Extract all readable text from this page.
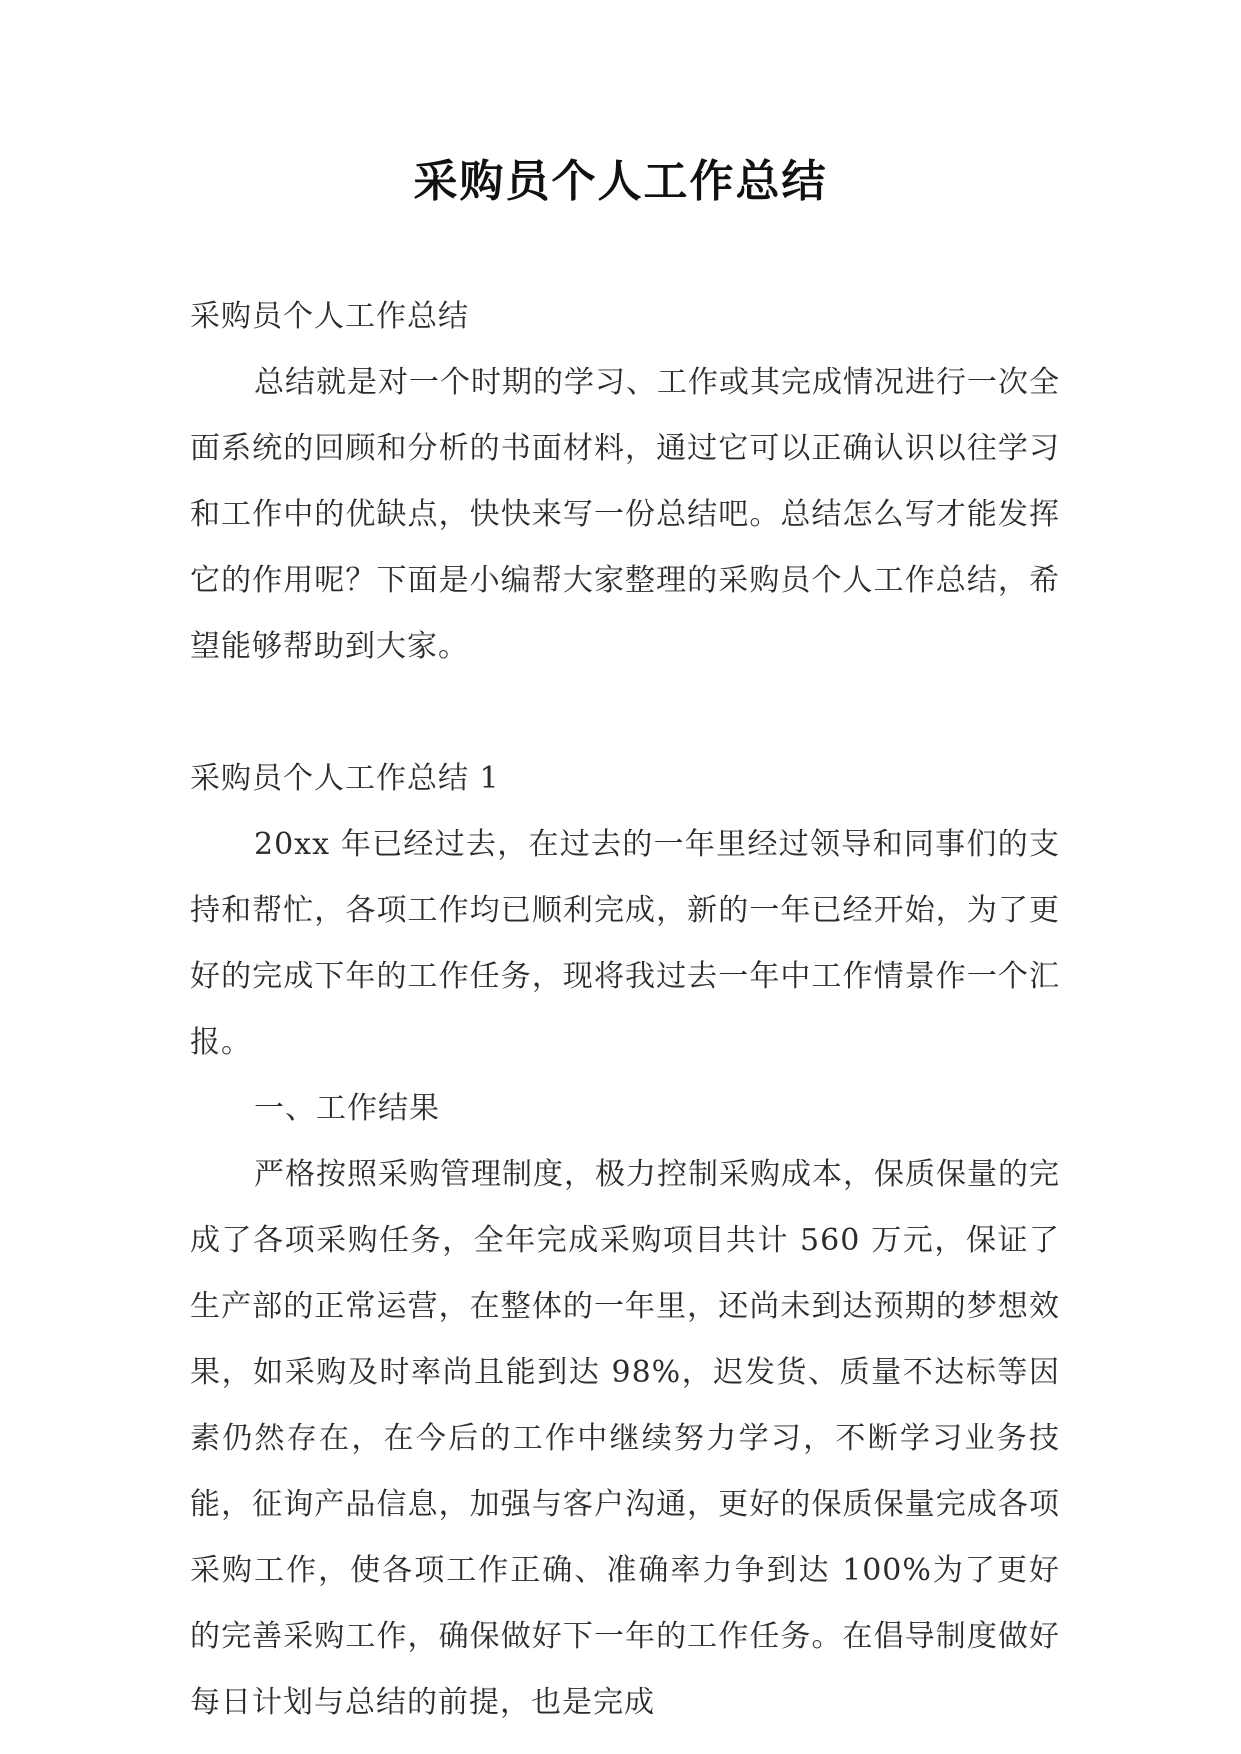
采购员个人工作总结

采购员个人工作总结

总结就是对一个时期的学习、工作或其完成情况进行一次全面系统的回顾和分析的书面材料，通过它可以正确认识以往学习和工作中的优缺点，快快来写一份总结吧。总结怎么写才能发挥它的作用呢？下面是小编帮大家整理的采购员个人工作总结，希望能够帮助到大家。

采购员个人工作总结 1

20xx 年已经过去，在过去的一年里经过领导和同事们的支持和帮忙，各项工作均已顺利完成，新的一年已经开始，为了更好的完成下年的工作任务，现将我过去一年中工作情景作一个汇报。

一、工作结果

严格按照采购管理制度，极力控制采购成本，保质保量的完成了各项采购任务，全年完成采购项目共计 560 万元，保证了生产部的正常运营，在整体的一年里，还尚未到达预期的梦想效果，如采购及时率尚且能到达 98%，迟发货、质量不达标等因素仍然存在，在今后的工作中继续努力学习，不断学习业务技能，征询产品信息，加强与客户沟通，更好的保质保量完成各项采购工作，使各项工作正确、准确率力争到达 100%为了更好的完善采购工作，确保做好下一年的工作任务。在倡导制度做好每日计划与总结的前提，也是完成
